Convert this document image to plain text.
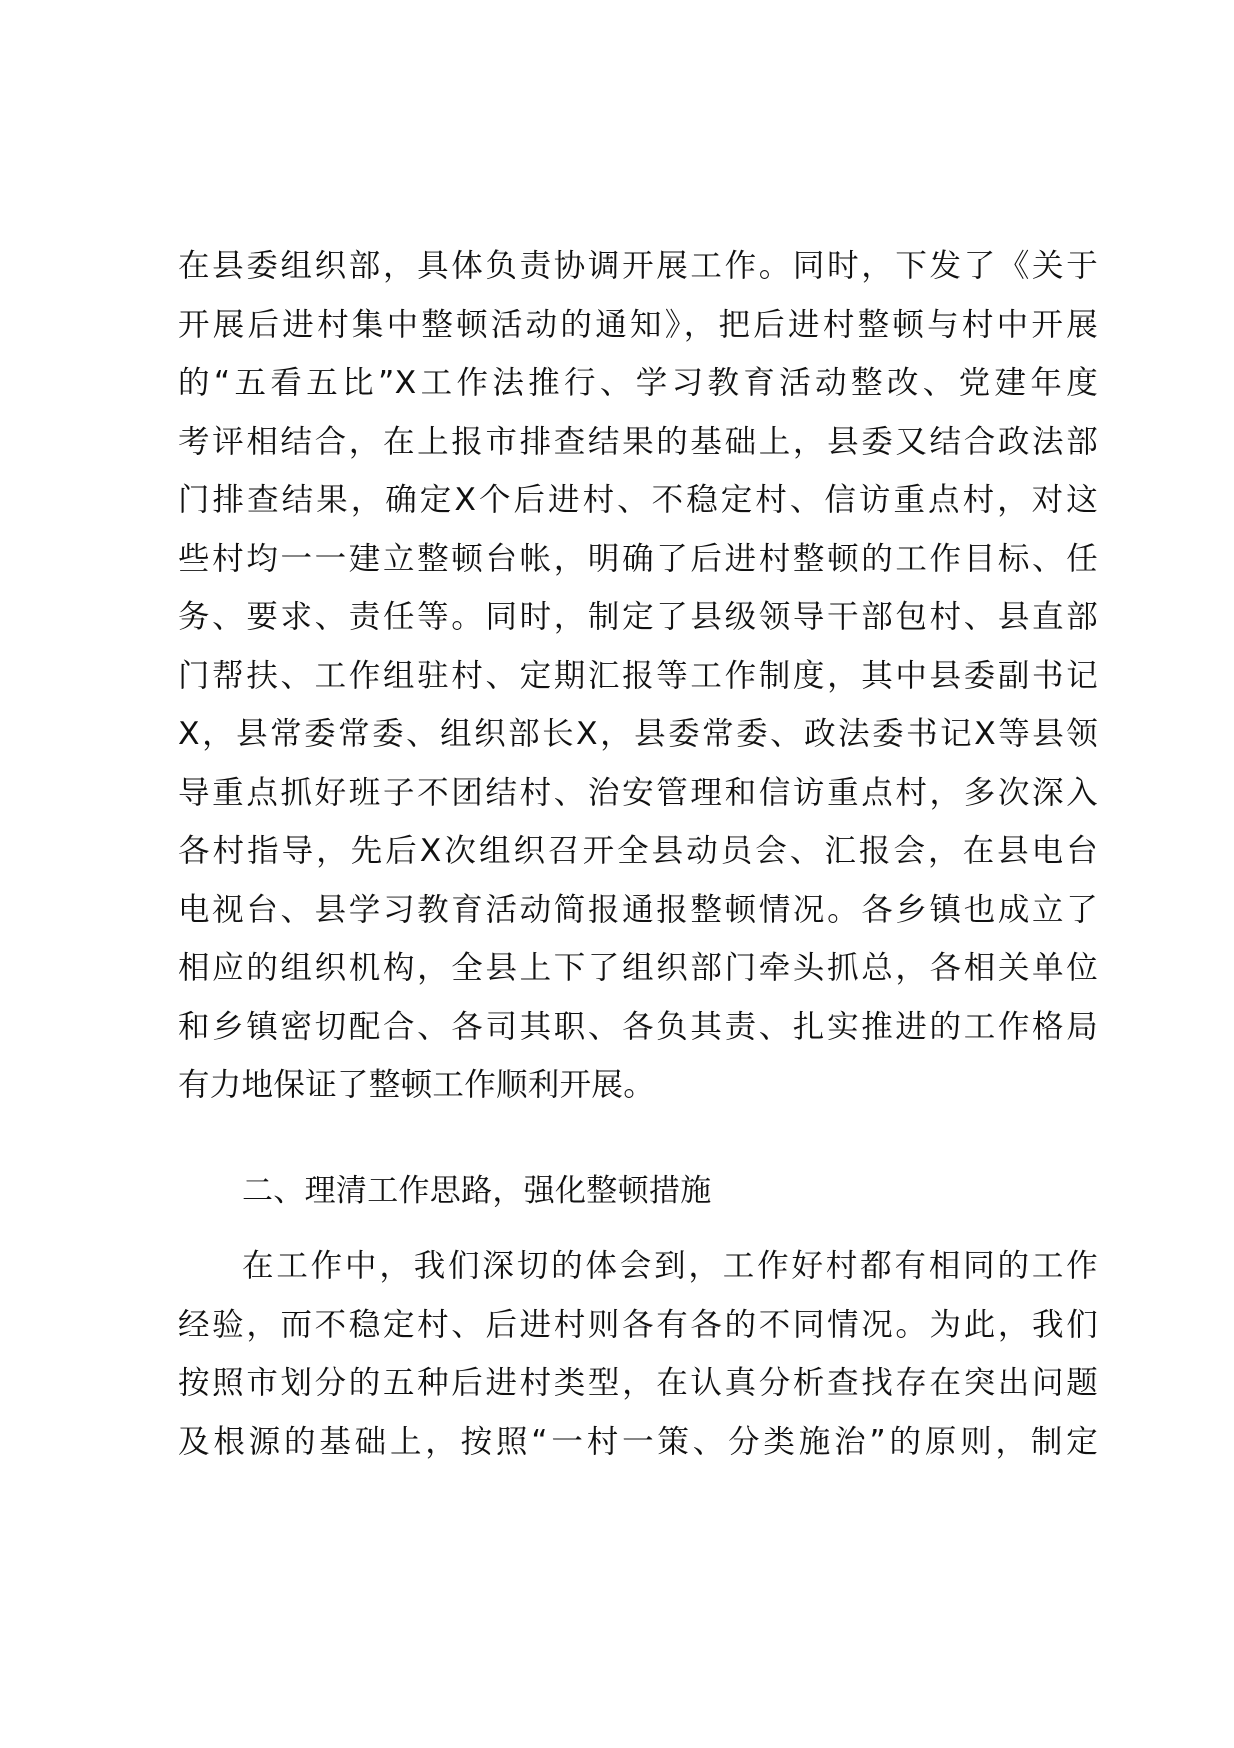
在县委组织部，具体负责协调开展工作。同时，下发了《关于
开展后进村集中整顿活动的通知》，把后进村整顿与村中开展
的“五看五比”X工作法推行、学习教育活动整改、党建年度
考评相结合，在上报市排查结果的基础上，县委又结合政法部
门排查结果，确定X个后进村、不稳定村、信访重点村，对这
些村均一一建立整顿台帐，明确了后进村整顿的工作目标、任
务、要求、责任等。同时，制定了县级领导干部包村、县直部
门帮扶、工作组驻村、定期汇报等工作制度，其中县委副书记
X，县常委常委、组织部长X，县委常委、政法委书记X等县领
导重点抓好班子不团结村、治安管理和信访重点村，多次深入
各村指导，先后X次组织召开全县动员会、汇报会，在县电台
电视台、县学习教育活动简报通报整顿情况。各乡镇也成立了
相应的组织机构，全县上下了组织部门牵头抓总，各相关单位
和乡镇密切配合、各司其职、各负其责、扎实推进的工作格局
有力地保证了整顿工作顺利开展。
二、理清工作思路，强化整顿措施
在工作中，我们深切的体会到，工作好村都有相同的工作
经验，而不稳定村、后进村则各有各的不同情况。为此，我们
按照市划分的五种后进村类型，在认真分析查找存在突出问题
及根源的基础上，按照“一村一策、分类施治”的原则，制定
